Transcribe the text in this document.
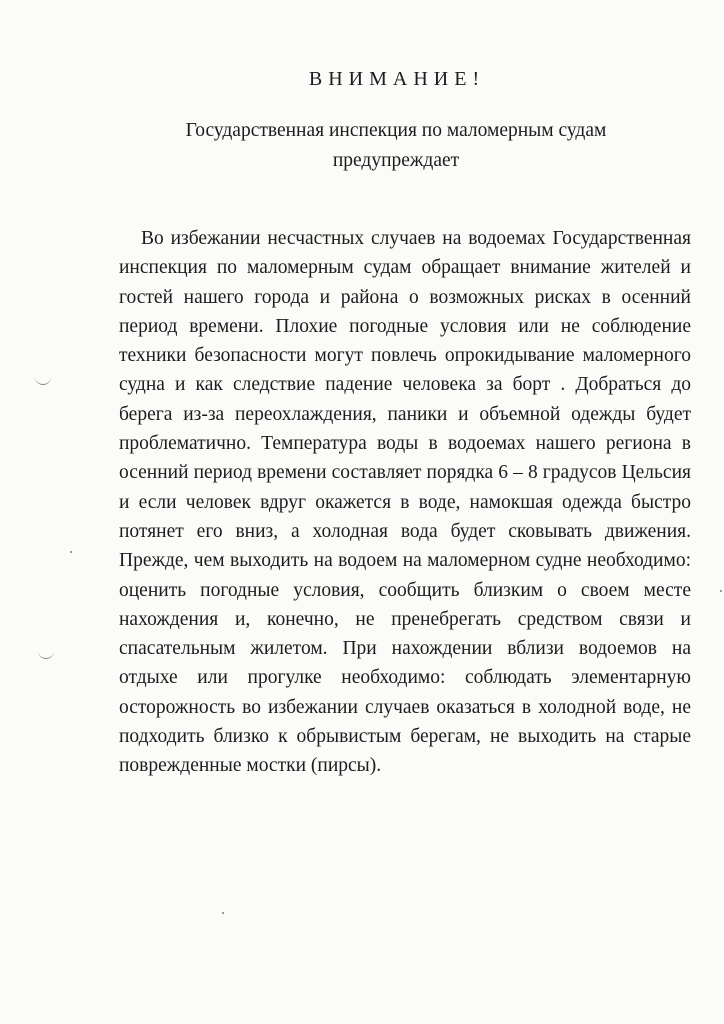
ВНИМАНИЕ!
Государственная инспекция по маломерным судам
предупреждает

Во избежании несчастных случаев на водоемах Государственная инспекция по маломерным судам обращает внимание жителей и гостей нашего города и района о возможных рисках в осенний период времени. Плохие погодные условия или не соблюдение техники безопасности могут повлечь опрокидывание маломерного судна и как следствие падение человека за борт . Добраться до берега из-за переохлаждения, паники и объемной одежды будет проблематично. Температура воды в водоемах нашего региона в осенний период времени составляет порядка 6 – 8 градусов Цельсия и если человек вдруг окажется в воде, намокшая одежда быстро потянет его вниз, а холодная вода будет сковывать движения. Прежде, чем выходить на водоем на маломерном судне необходимо: оценить погодные условия, сообщить близким о своем месте нахождения и, конечно, не пренебрегать средством связи и спасательным жилетом. При нахождении вблизи водоемов на отдыхе или прогулке необходимо: соблюдать элементарную осторожность во избежании случаев оказаться в холодной воде, не подходить близко к обрывистым берегам, не выходить на старые поврежденные мостки (пирсы).
